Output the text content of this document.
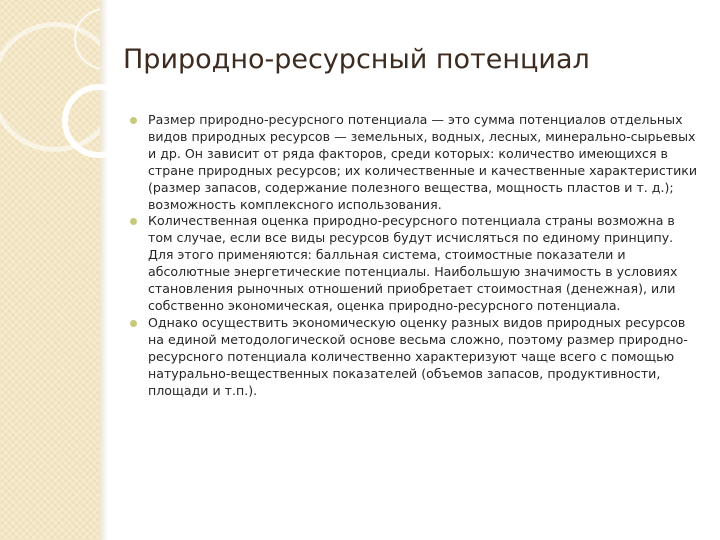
Природно-ресурсный потенциал
Размер природно-ресурсного потенциала — это сумма потенциалов отдельных видов природных ресурсов — земельных, водных, лесных, минерально-сырьевых и др. Он зависит от ряда факторов, среди которых: количество имеющихся в стране природных ресурсов; их количественные и качественные характеристики (размер запасов, содержание полезного вещества, мощность пластов и т. д.); возможность комплексного использования.
Количественная оценка природно-ресурсного потенциала страны возможна в том случае, если все виды ресурсов будут исчисляться по единому принципу. Для этого применяются: балльная система, стоимостные показатели и абсолютные энергетические потенциалы. Наибольшую значимость в условиях становления рыночных отношений приобретает стоимостная (денежная), или собственно экономическая, оценка природно-ресурсного потенциала.
Однако осуществить экономическую оценку разных видов природных ресурсов на единой методологической основе весьма сложно, поэтому размер природно-ресурсного потенциала количественно характеризуют чаще всего с помощью натурально-вещественных показателей (объемов запасов, продуктивности, площади и т.п.).
